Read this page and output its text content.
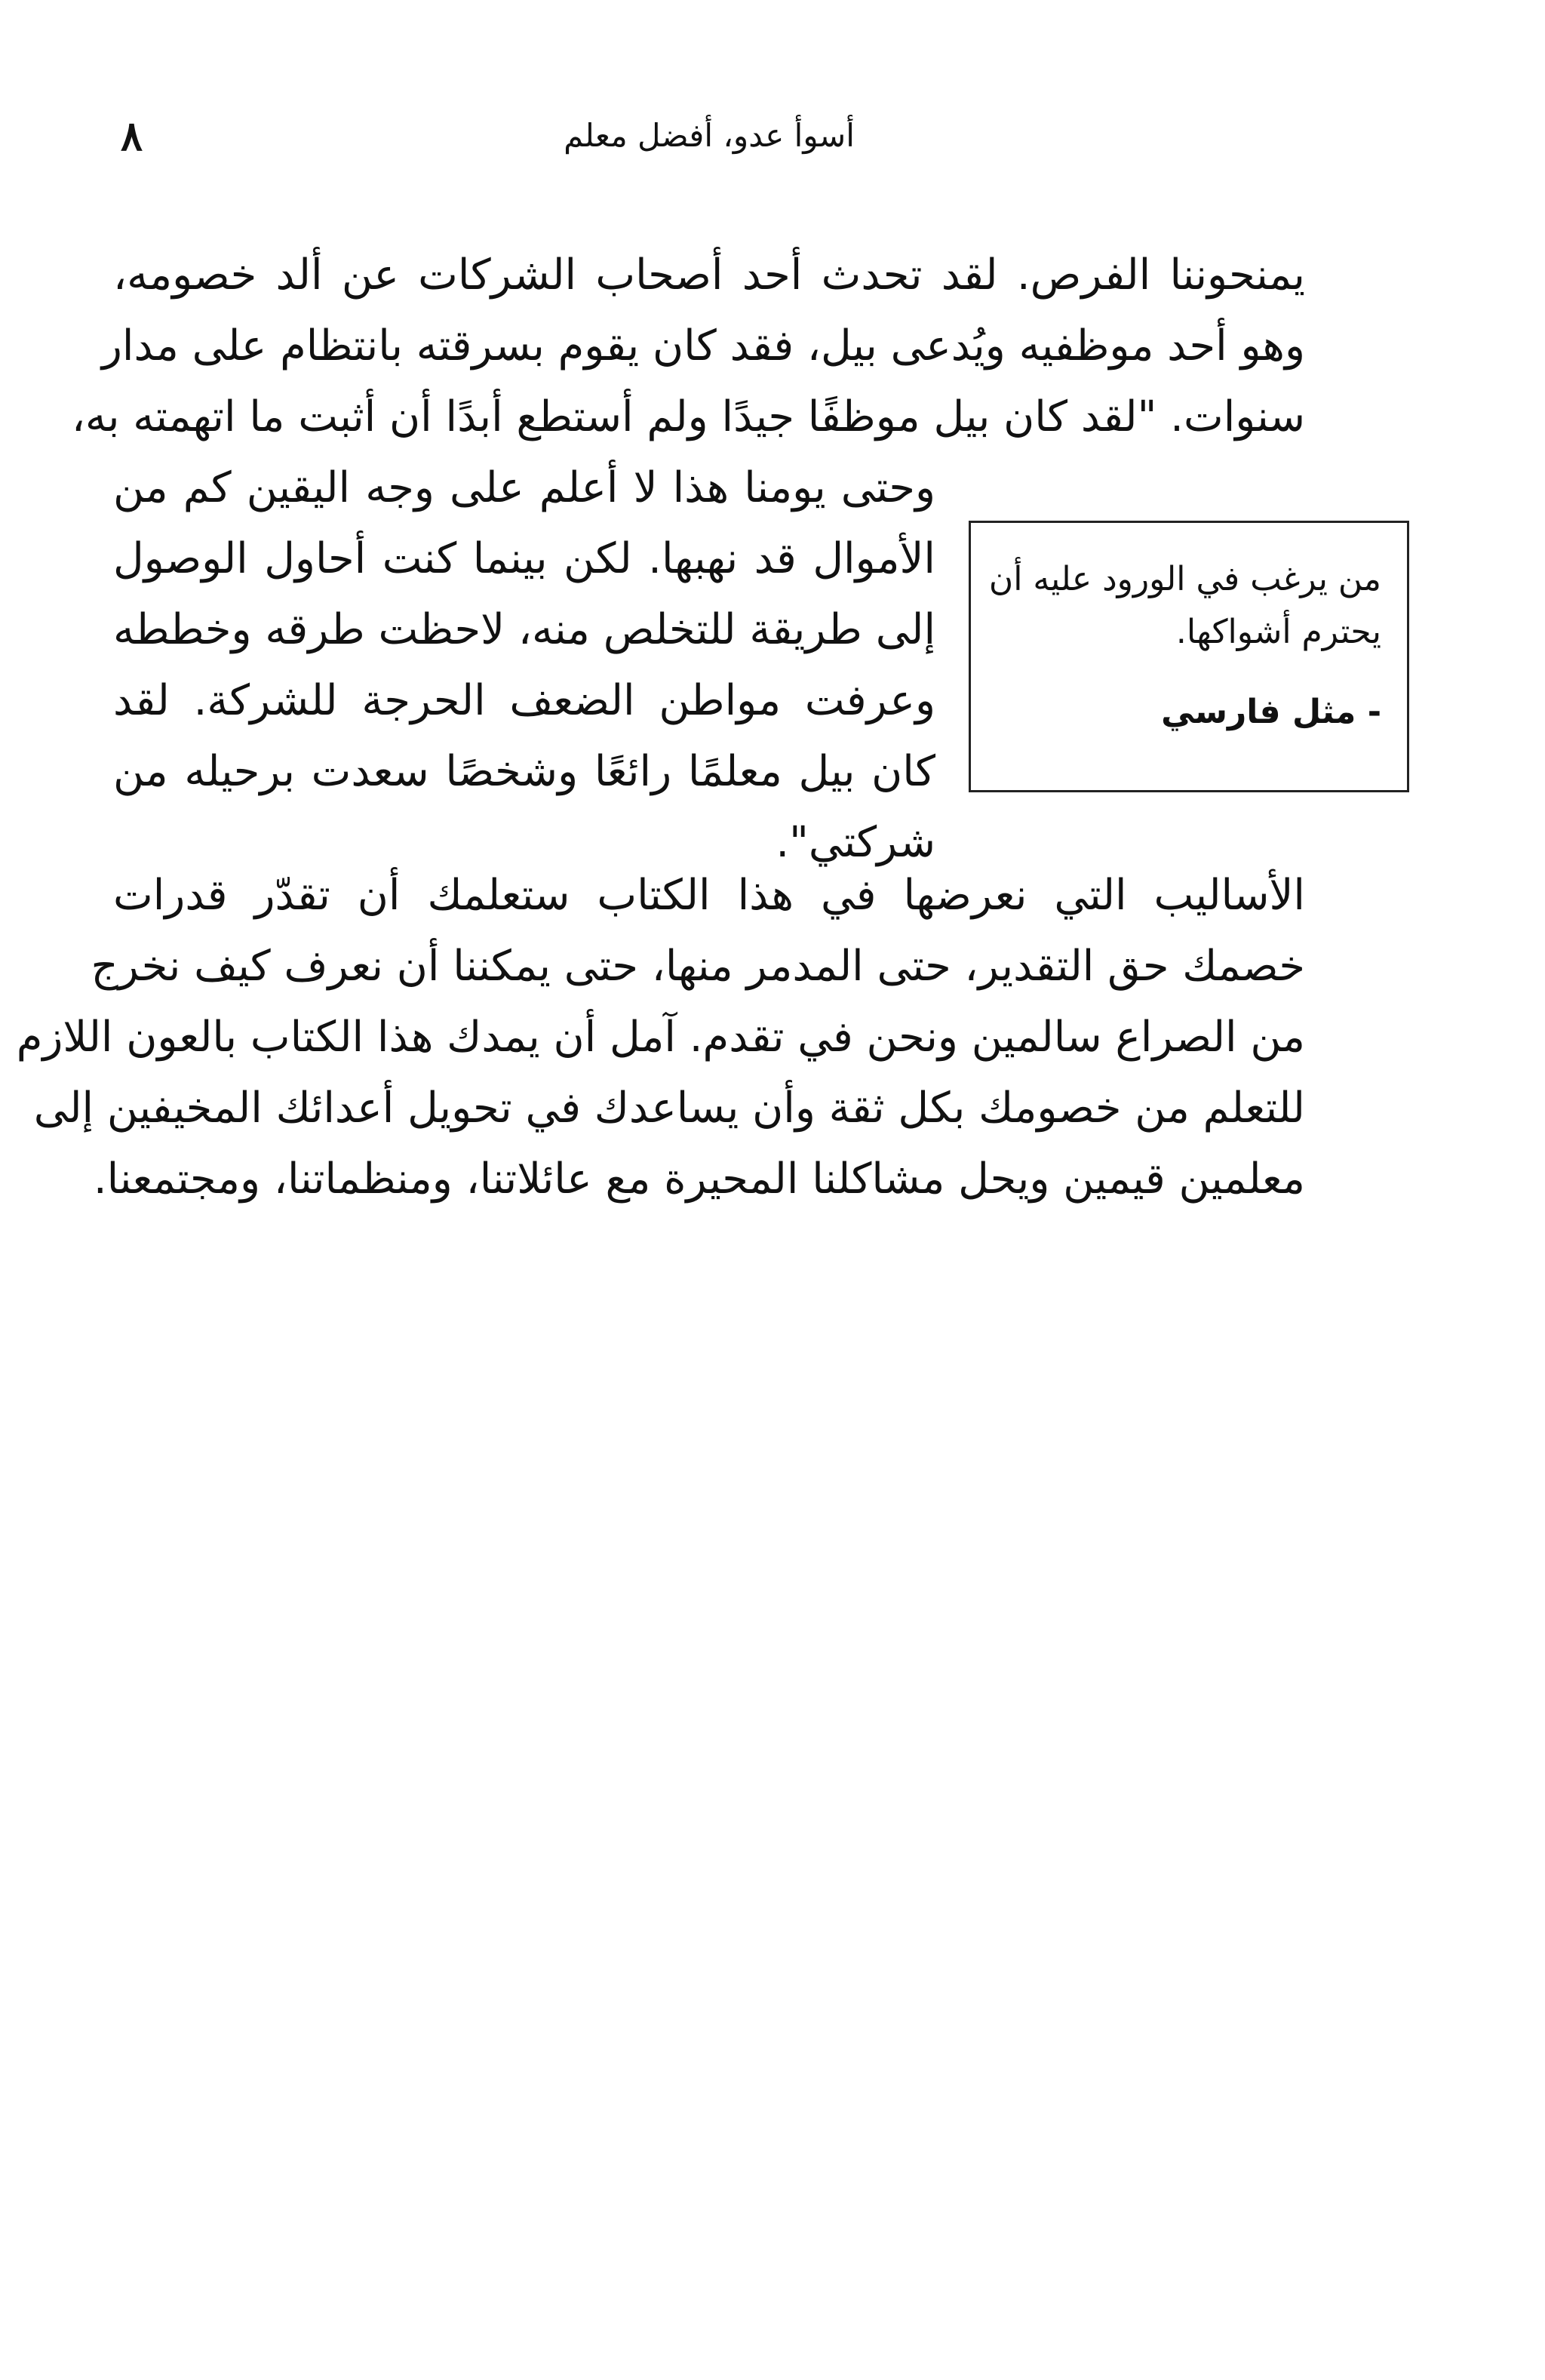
٨	أسوأ عدو، أفضل معلم
يمنحوننا الفرص. لقد تحدث أحد أصحاب الشركات عن ألد خصومه،
وهو أحد موظفيه ويُدعى بيل، فقد كان يقوم بسرقته بانتظام على مدار
سنوات. "لقد كان بيل موظفًا جيدًا ولم أستطع أبدًا أن أثبت ما اتهمته به،
وحتى يومنا هذا لا أعلم على وجه اليقين كم من
الأموال قد نهبها. لكن بينما كنت أحاول الوصول
إلى طريقة للتخلص منه، لاحظت طرقه وخططه
وعرفت مواطن الضعف الحرجة للشركة. لقد
كان بيل معلمًا رائعًا وشخصًا سعدت برحيله من
شركتي".
من يرغب في الورود عليه أن
يحترم أشواكها.
- مثل فارسي
الأساليب التي نعرضها في هذا الكتاب ستعلمك أن تقدّر قدرات
خصمك حق التقدير، حتى المدمر منها، حتى يمكننا أن نعرف كيف نخرج
من الصراع سالمين ونحن في تقدم. آمل أن يمدك هذا الكتاب بالعون اللازم
للتعلم من خصومك بكل ثقة وأن يساعدك في تحويل أعدائك المخيفين إلى
معلمين قيمين ويحل مشاكلنا المحيرة مع عائلاتنا، ومنظماتنا، ومجتمعنا.
